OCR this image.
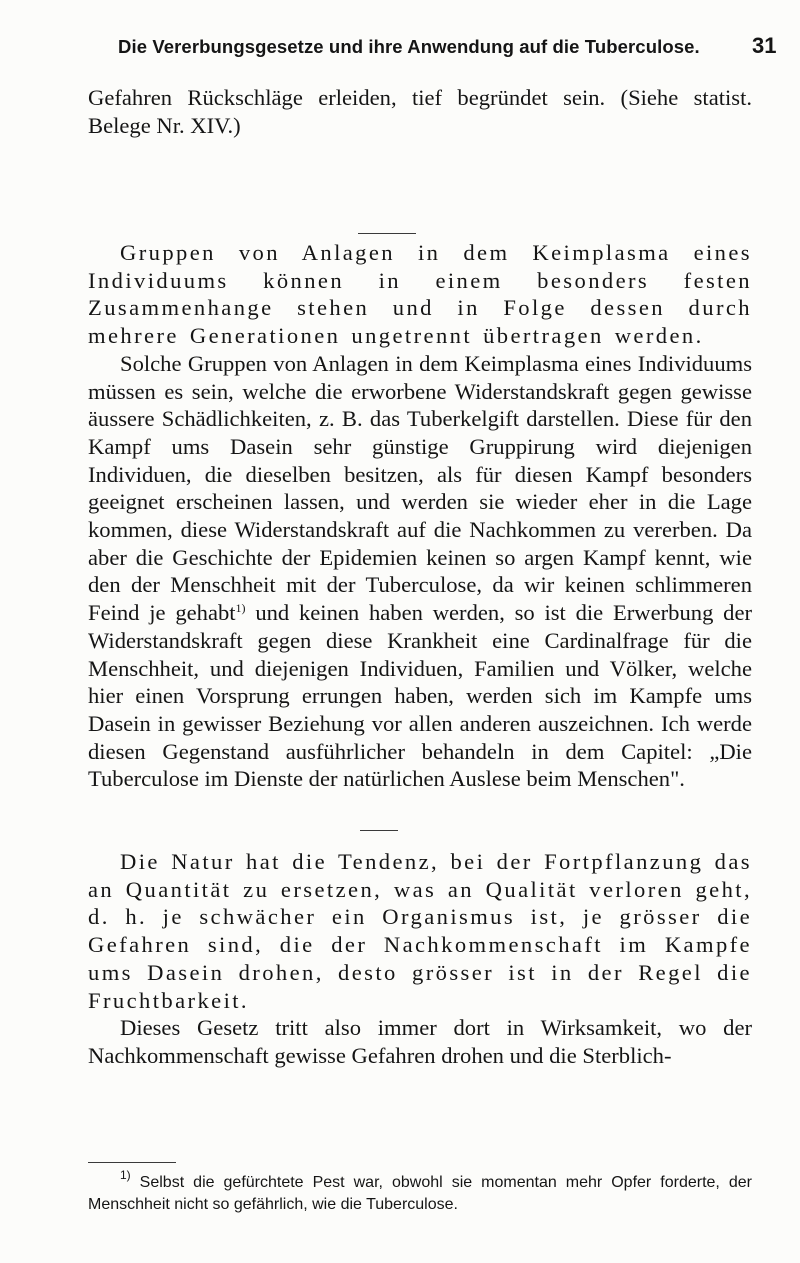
Die Vererbungsgesetze und ihre Anwendung auf die Tuberculose. 31

Gefahren Rückschläge erleiden, tief begründet sein. (Siehe statist. Belege Nr. XIV.)

Gruppen von Anlagen in dem Keimplasma eines Individuums können in einem besonders festen Zusammenhange stehen und in Folge dessen durch mehrere Generationen ungetrennt übertragen werden.

Solche Gruppen von Anlagen in dem Keimplasma eines Individuums müssen es sein, welche die erworbene Widerstandskraft gegen gewisse äussere Schädlichkeiten, z. B. das Tuberkelgift darstellen. Diese für den Kampf ums Dasein sehr günstige Gruppirung wird diejenigen Individuen, die dieselben besitzen, als für diesen Kampf besonders geeignet erscheinen lassen, und werden sie wieder eher in die Lage kommen, diese Widerstandskraft auf die Nachkommen zu vererben. Da aber die Geschichte der Epidemien keinen so argen Kampf kennt, wie den der Menschheit mit der Tuberculose, da wir keinen schlimmeren Feind je gehabt$^{1)}$ und keinen haben werden, so ist die Erwerbung der Widerstandskraft gegen diese Krankheit eine Cardinalfrage für die Menschheit, und diejenigen Individuen, Familien und Völker, welche hier einen Vorsprung errungen haben, werden sich im Kampfe ums Dasein in gewisser Beziehung vor allen anderen auszeichnen. Ich werde diesen Gegenstand ausführlicher behandeln in dem Capitel: „Die Tuberculose im Dienste der natürlichen Auslese beim Menschen".

Die Natur hat die Tendenz, bei der Fortpflanzung das an Quantität zu ersetzen, was an Qualität verloren geht, d. h. je schwächer ein Organismus ist, je grösser die Gefahren sind, die der Nachkommenschaft im Kampfe ums Dasein drohen, desto grösser ist in der Regel die Fruchtbarkeit.

Dieses Gesetz tritt also immer dort in Wirksamkeit, wo der Nachkommenschaft gewisse Gefahren drohen und die Sterblich-

$^{1)}$ Selbst die gefürchtete Pest war, obwohl sie momentan mehr Opfer forderte, der Menschheit nicht so gefährlich, wie die Tuberculose.
